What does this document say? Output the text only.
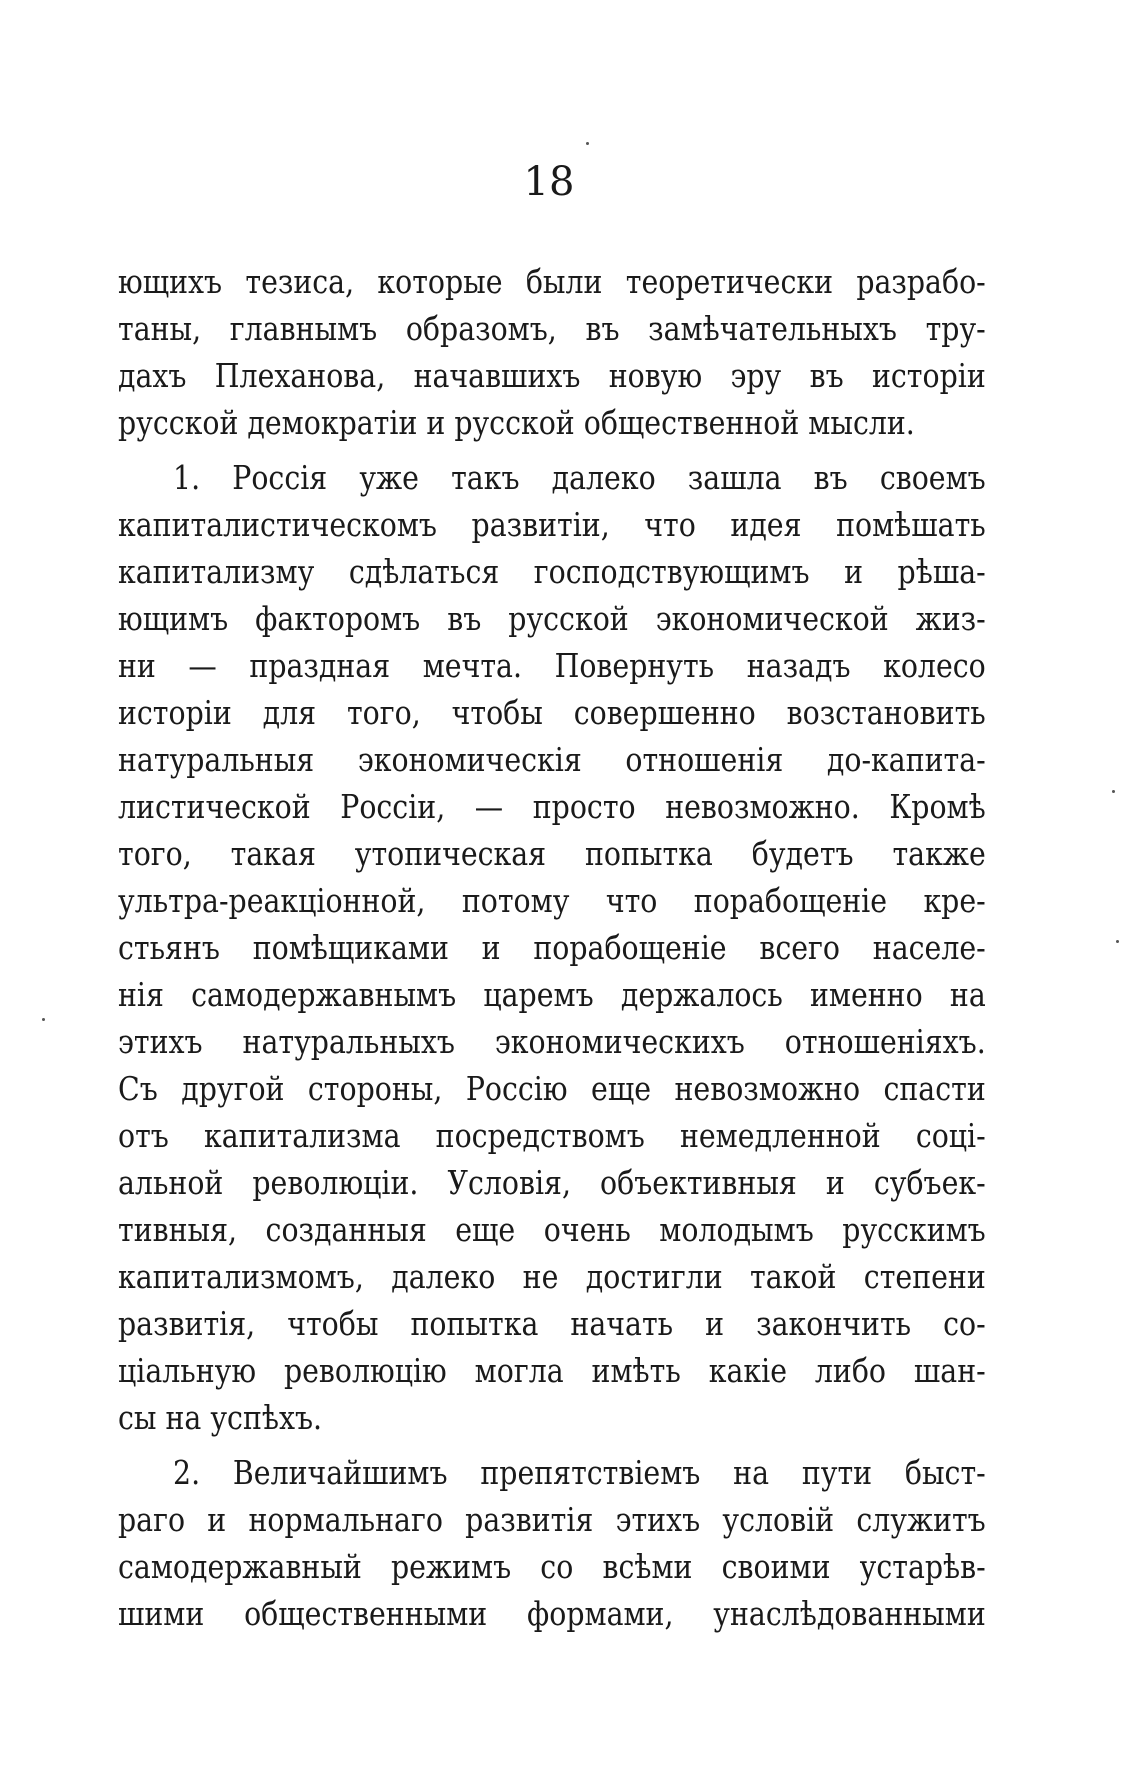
18
ющихъ тезиса, которые были теоретически разрабо-
таны, главнымъ образомъ, въ замѣчательныхъ тру-
дахъ Плеханова, начавшихъ новую эру въ исторіи
русской демократіи и русской общественной мысли.
1. Россія уже такъ далеко зашла въ своемъ
капиталистическомъ развитіи, что идея помѣшать
капитализму сдѣлаться господствующимъ и рѣша-
ющимъ факторомъ въ русской экономической жиз-
ни — праздная мечта. Повернуть назадъ колесо
исторіи для того, чтобы совершенно возстановить
натуральныя экономическія отношенія до-капита-
листической Россіи, — просто невозможно. Кромѣ
того, такая утопическая попытка будетъ также
ультра-реакціонной, потому что порабощеніе кре-
стьянъ помѣщиками и порабощеніе всего населе-
нія самодержавнымъ царемъ держалось именно на
этихъ натуральныхъ экономическихъ отношеніяхъ.
Съ другой стороны, Россію еще невозможно спасти
отъ капитализма посредствомъ немедленной соці-
альной революціи. Условія, объективныя и субъек-
тивныя, созданныя еще очень молодымъ русскимъ
капитализмомъ, далеко не достигли такой степени
развитія, чтобы попытка начать и закончить со-
ціальную революцію могла имѣть какіе либо шан-
сы на успѣхъ.
2. Величайшимъ препятствіемъ на пути быст-
раго и нормальнаго развитія этихъ условій служитъ
самодержавный режимъ со всѣми своими устарѣв-
шими общественными формами, унаслѣдованными
